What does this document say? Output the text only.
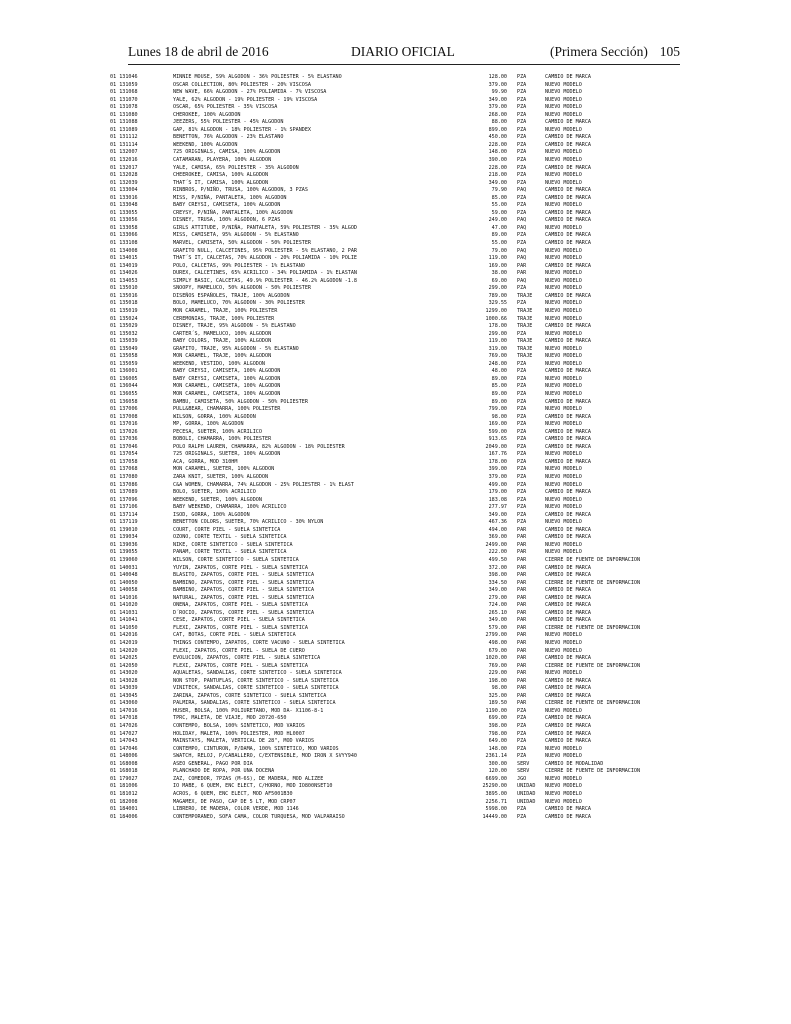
Lunes 18 de abril de 2016	DIARIO OFICIAL	(Primera Sección) 105
01 131046	MINNIE MOUSE, 59% ALGODON - 36% POLIESTER - 5% ELASTANO	128.00 PZA	CAMBIO DE MARCA
01 131059	OSCAR COLLECTION, 80% POLIESTER - 20% VISCOSA	379.00 PZA	NUEVO MODELO
01 131068	NEW WAVE, 66% ALGODON - 27% POLIAMIDA - 7% VISCOSA	99.90 PZA	NUEVO MODELO
01 131070	YALE, 62% ALGODON - 19% POLIESTER - 19% VISCOSA	349.00 PZA	NUEVO MODELO
01 131078	OSCAR, 65% POLIESTER - 35% VISCOSA	379.00 PZA	NUEVO MODELO
01 131080	CHEROKEE, 100% ALGODON	268.00 PZA	NUEVO MODELO
01 131088	JEEZERS, 55% POLIESTER - 45% ALGODON	88.00 PZA	CAMBIO DE MARCA
01 131089	GAP, 81% ALGODON - 18% POLIESTER - 1% SPANDEX	899.00 PZA	NUEVO MODELO
01 131112	BENETTON, 76% ALGODON - 23% ELASTANO	450.00 PZA	CAMBIO DE MARCA
01 131114	WEEKEND, 100% ALGODON	228.00 PZA	CAMBIO DE MARCA
01 132007	725 ORIGINALS, CAMISA, 100% ALGODON	148.00 PZA	NUEVO MODELO
01 132016	CATAMARAN, PLAYERA, 100% ALGODON	390.00 PZA	NUEVO MODELO
01 132017	YALE, CAMISA, 65% POLIESTER - 35% ALGODON	228.00 PZA	CAMBIO DE MARCA
01 132028	CHEEROKEE, CAMISA, 100% ALGODON	218.00 PZA	NUEVO MODELO
01 132039	THAT´S IT, CAMISA, 100% ALGODON	349.00 PZA	NUEVO MODELO
01 133004	RINBROS, P/NIÑO, TRUSA, 100% ALGODON, 3 PZAS	79.90 PAQ	CAMBIO DE MARCA
01 133016	MISS, P/NIÑA, PANTALETA, 100% ALGODON	85.00 PZA	CAMBIO DE MARCA
01 133048	BABY CREYSI, CAMISETA, 100% ALGODON	55.00 PZA	NUEVO MODELO
01 133055	CREYSY, P/NIÑA, PANTALETA, 100% ALGODON	59.00 PZA	CAMBIO DE MARCA
01 133056	DISNEY, TRUSA, 100% ALGODON, 6 PZAS	249.00 PAQ	CAMBIO DE MARCA
01 133058	GIRLS ATTITUDE, P/NIÑA, PANTALETA, 59% POLIESTER - 35% ALGOD	47.00 PAQ	NUEVO MODELO
01 133066	MISS, CAMISETA, 95% ALGODON - 5% ELASTANO	89.00 PZA	CAMBIO DE MARCA
01 133108	MARVEL, CAMISETA, 50% ALGODON - 50% POLIESTER	55.00 PZA	CAMBIO DE MARCA
01 134008	GRAFITO NULL, CALCETINES, 95% POLIESTER - 5% ELASTANO, 2 PAR	79.00 PAQ	NUEVO MODELO
01 134015	THAT´S IT, CALCETAS, 70% ALGODON - 20% POLIAMIDA - 10% POLIE	119.00 PAQ	NUEVO MODELO
01 134019	POLO, CALCETAS, 99% POLIESTER - 1% ELASTANO	169.00 PAR	CAMBIO DE MARCA
01 134026	DUREX, CALCETINES, 65% ACRILICO - 34% POLIAMIDA - 1% ELASTAN	38.00 PAR	NUEVO MODELO
01 134053	SIMPLY BASIC, CALCETAS, 49.9% POLIESTER - 46.2% ALGODON -1.8	69.00 PAQ	NUEVO MODELO
01 135010	SNOOPY, MAMELUCO, 50% ALGODON - 50% POLIESTER	299.00 PZA	NUEVO MODELO
01 135016	DISEÑOS ESPAÑOLES, TRAJE, 100% ALGODON	789.00 TRAJE CAMBIO DE MARCA
01 135018	BOLO, MAMELUCO, 70% ALGODON - 30% POLIESTER	329.55 PZA	NUEVO MODELO
01 135019	MON CARAMEL, TRAJE, 100% POLIESTER	1299.00 TRAJE NUEVO MODELO
01 135024	CEREMONIAS, TRAJE, 100% POLIESTER	1000.66 TRAJE NUEVO MODELO
01 135029	DISNEY, TRAJE, 95% ALGODON - 5% ELASTANO	178.00 TRAJE CAMBIO DE MARCA
01 135032	CARTER´S, MAMELUCO, 100% ALGODON	299.00 PZA	NUEVO MODELO
01 135039	BABY COLORS, TRAJE, 100% ALGODON	119.00 TRAJE CAMBIO DE MARCA
01 135049	GRAFITO, TRAJE, 95% ALGODON - 5% ELASTANO	319.00 TRAJE NUEVO MODELO
01 135058	MON CARAMEL, TRAJE, 100% ALGODON	769.00 TRAJE NUEVO MODELO
01 135059	WEEKEND, VESTIDO, 100% ALGODON	248.00 PZA	NUEVO MODELO
01 136001	BABY CREYSI, CAMISETA, 100% ALGODON	48.00 PZA	CAMBIO DE MARCA
01 136005	BABY CREYSI, CAMISETA, 100% ALGODON	89.00 PZA	NUEVO MODELO
01 136044	MON CARAMEL, CAMISETA, 100% ALGODON	85.00 PZA	NUEVO MODELO
01 136055	MON CARAMEL, CAMISETA, 100% ALGODON	89.00 PZA	NUEVO MODELO
01 136058	BAMBU, CAMISETA, 50% ALGODON - 50% POLIESTER	89.00 PZA	CAMBIO DE MARCA
01 137006	PULL&BEAR, CHAMARRA, 100% POLIESTER	799.00 PZA	NUEVO MODELO
01 137008	WILSON, GORRA, 100% ALGODON	98.00 PZA	CAMBIO DE MARCA
01 137016	MP, GORRA, 100% ALGODON	169.00 PZA	NUEVO MODELO
01 137026	PECESA, SUETER, 100% ACRILICO	599.00 PZA	CAMBIO DE MARCA
01 137036	BOBOLI, CHAMARRA, 100% POLIESTER	913.65 PZA	CAMBIO DE MARCA
01 137046	POLO RALPH LAUREN, CHAMARRA, 82% ALGODON - 18% POLIESTER	2049.00 PZA	CAMBIO DE MARCA
01 137054	725 ORIGINALS, SUETER, 100% ALGODON	167.76 PZA	NUEVO MODELO
01 137058	ACA, GORRA, MOD 310HM	178.00 PZA	CAMBIO DE MARCA
01 137068	MON CARAMEL, SUETER, 100% ALGODON	399.00 PZA	NUEVO MODELO
01 137080	ZARA KNIT, SUETER, 100% ALGODON	379.00 PZA	NUEVO MODELO
01 137086	C&A WOMEN, CHAMARRA, 74% ALGODON - 25% POLIESTER - 1% ELAST	499.00 PZA	NUEVO MODELO
01 137089	BOLO, SUETER, 100% ACRILICO	179.00 PZA	CAMBIO DE MARCA
01 137096	WEEKEND, SUETER, 100% ALGODON	183.08 PZA	NUEVO MODELO
01 137106	BABY WEEKEND, CHAMARRA, 100% ACRILICO	277.97 PZA	NUEVO MODELO
01 137114	ISOD, GORRA, 100% ALGODON	349.00 PZA	CAMBIO DE MARCA
01 137119	BENETTON COLORS, SUETER, 70% ACRILICO - 30% NYLON	467.36 PZA	NUEVO MODELO
01 139010	COURT, CORTE PIEL - SUELA SINTETICA	494.00 PAR	CAMBIO DE MARCA
01 139034	OZONO, CORTE TEXTIL - SUELA SINTETICA	369.00 PAR	CAMBIO DE MARCA
01 139036	NIKE, CORTE SINTETICO - SUELA SINTETICA	2499.00 PAR	NUEVO MODELO
01 139055	PANAM, CORTE TEXTIL - SUELA SINTETICA	222.00 PAR	NUEVO MODELO
01 139060	WILSON, CORTE SINTETICO - SUELA SINTETICA	499.50 PAR	CIERRE DE FUENTE DE INFORMACION
01 140031	YUYIN, ZAPATOS, CORTE PIEL - SUELA SINTETICA	372.00 PAR	CAMBIO DE MARCA
01 140048	BLASITO, ZAPATOS, CORTE PIEL - SUELA SINTETICA	398.00 PAR	CAMBIO DE MARCA
01 140050	BAMBINO, ZAPATOS, CORTE PIEL - SUELA SINTETICA	334.50 PAR	CIERRE DE FUENTE DE INFORMACION
01 140058	BAMBINO, ZAPATOS, CORTE PIEL - SUELA SINTETICA	349.00 PAR	CAMBIO DE MARCA
01 141016	NATURAL, ZAPATOS, CORTE PIEL - SUELA SINTETICA	279.00 PAR	CAMBIO DE MARCA
01 141020	ONENA, ZAPATOS, CORTE PIEL - SUELA SINTETICA	724.00 PAR	CAMBIO DE MARCA
01 141031	D´ROCIO, ZAPATOS, CORTE PIEL - SUELA SINTETICA	265.10 PAR	CAMBIO DE MARCA
01 141041	CESE, ZAPATOS, CORTE PIEL - SUELA SINTETICA	349.00 PAR	CAMBIO DE MARCA
01 141050	FLEXI, ZAPATOS, CORTE PIEL - SUELA SINTETICA	579.00 PAR	CIERRE DE FUENTE DE INFORMACION
01 142016	CAT, BOTAS, CORTE PIEL - SUELA SINTETICA	2799.00 PAR	NUEVO MODELO
01 142019	THINGS CONTEMPO, ZAPATOS, CORTE VACUNO - SUELA SINTETICA	498.00 PAR	NUEVO MODELO
01 142020	FLEXI, ZAPATOS, CORTE PIEL - SUELA DE CUERO	679.00 PAR	NUEVO MODELO
01 142025	EVOLUCION, ZAPATOS, CORTE PIEL - SUELA SINTETICA	1020.00 PAR	CAMBIO DE MARCA
01 142050	FLEXI, ZAPATOS, CORTE PIEL - SUELA SINTETICA	769.00 PAR	CIERRE DE FUENTE DE INFORMACION
01 143020	AQUALETAS, SANDALIAS, CORTE SINTETICO - SUELA SINTETICA	229.00 PAR	NUEVO MODELO
01 143028	NON STOP, PANTUFLAS, CORTE SINTETICO - SUELA SINTETICA	198.00 PAR	CAMBIO DE MARCA
01 143039	VINITECK, SANDALIAS, CORTE SINTETICO - SUELA SINTETICA	98.00 PAR	CAMBIO DE MARCA
01 143045	ZARINA, ZAPATOS, CORTE SINTETICO - SUELA SINTETICA	325.00 PAR	CAMBIO DE MARCA
01 143060	PALMIRA, SANDALIAS, CORTE SINTETICO - SUELA SINTETICA	189.50 PAR	CIERRE DE FUENTE DE INFORMACION
01 147016	HUSER, BOLSA, 100% POLIURETANO, MOD DA- X1106-8-1	1190.00 PZA	NUEVO MODELO
01 147018	TPRC, MALETA, DE VIAJE, MOD 20720-650	699.00 PZA	CAMBIO DE MARCA
01 147026	CONTEMPO, BOLSA, 100% SINTETICO, MOD VARIOS	398.00 PZA	CAMBIO DE MARCA
01 147027	HOLIDAY, MALETA, 100% POLIESTER, MOD HL0007	798.00 PZA	CAMBIO DE MARCA
01 147043	MAINSTAYS, MALETA, VERTICAL DE 28", MOD VARIOS	649.00 PZA	CAMBIO DE MARCA
01 147046	CONTEMPO, CINTURON, P/DAMA, 100% SINTETICO, MOD VARIOS	148.00 PZA	NUEVO MODELO
01 148006	SWATCH, RELOJ, P/CABALLERO, C/EXTENSIBLE, MOD IRON X SVYY940	2361.14 PZA	NUEVO MODELO
01 168008	ASEO GENERAL, PAGO POR DIA	300.00 SERV	CAMBIO DE MODALIDAD
01 168018	PLANCHADO DE ROPA, POR UNA DOCENA	120.00 SERV	CIERRE DE FUENTE DE INFORMACION
01 179027	ZAZ, COMEDOR, 7PZAS (M-6S), DE MADERA, MOD ALIZEE	6699.00 JGO	NUEVO MODELO
01 181006	IO MABE, 6 QUEM, ENC ELECT, C/HORNO, MOD IO800NSET10	25290.00 UNIDAD NUEVO MODELO
01 181012	ACROS, 6 QUEM, ENC ELECT, MOD AF5001B30	3895.00 UNIDAD NUEVO MODELO
01 182008	MAGAMEX, DE PASO, CAP DE 5 LT, MOD CRP07	2256.71 UNIDAD NUEVO MODELO
01 184001	LIBRERO, DE MADERA, COLOR VERDE, MOD 1146	5998.00 PZA	CAMBIO DE MARCA
01 184006	CONTEMPORANEO, SOFA CAMA, COLOR TURQUESA, MOD VALPARAISO	14449.00 PZA	CAMBIO DE MARCA
